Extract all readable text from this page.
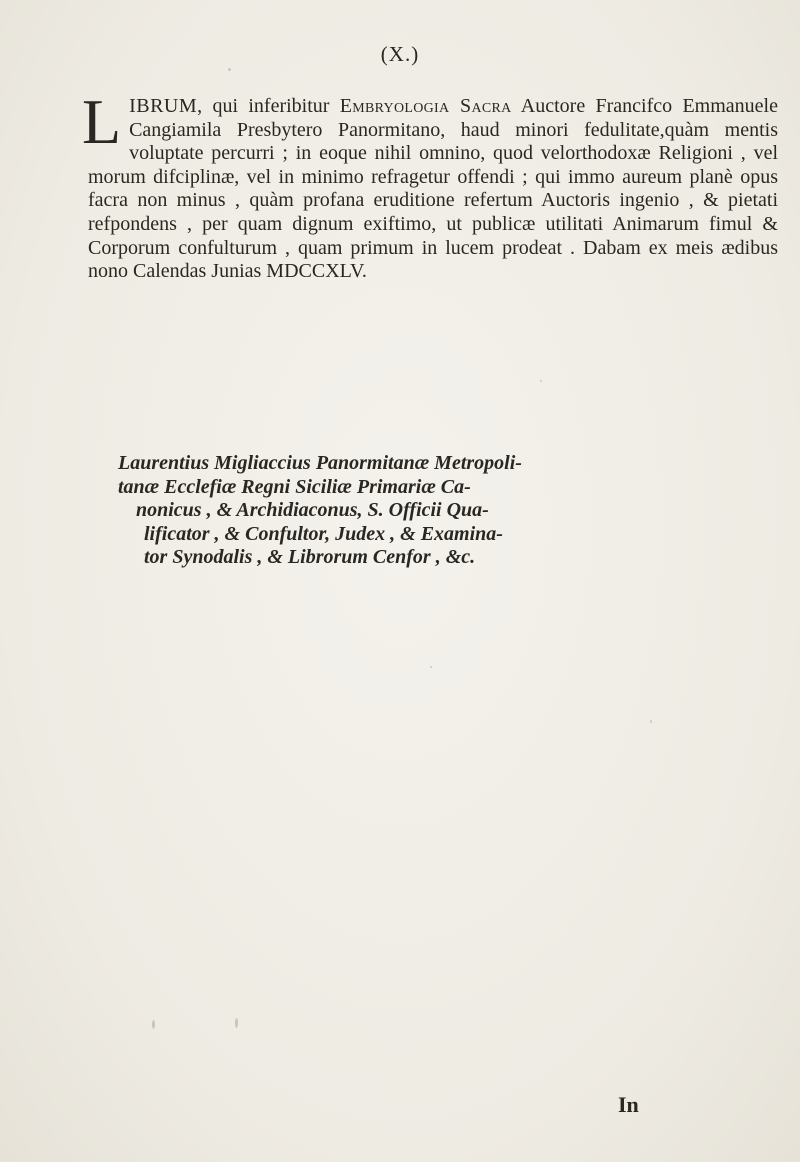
(X.)

LIBRUM, qui inferibitur Embryologia Sacra Auctore Francifco Emmanuele Cangiamila Presbytero Panormitano, haud minori fedulitate,quàm mentis voluptate percurri ; in eoque nihil omnino, quod velorthodoxæ Religioni , vel morum difciplinæ, vel in minimo refragetur offendi ; qui immo aureum planè opus facra non minus , quàm profana eruditione refertum Auctoris ingenio , & pietati refpondens , per quam dignum exiftimo, ut publicæ utilitati Animarum fimul & Corporum confulturum , quam primum in lucem prodeat . Dabam ex meis ædibus nono Calendas Junias MDCCXLV.

Laurentius Migliaccius Panormitanæ Metropoli-
tanæ Ecclefiæ Regni Siciliæ Primariæ Ca-
nonicus , & Archidiaconus, S. Officii Qua-
lificator , & Confultor, Judex , & Examina-
tor Synodalis , & Librorum Cenfor , &c.
In
